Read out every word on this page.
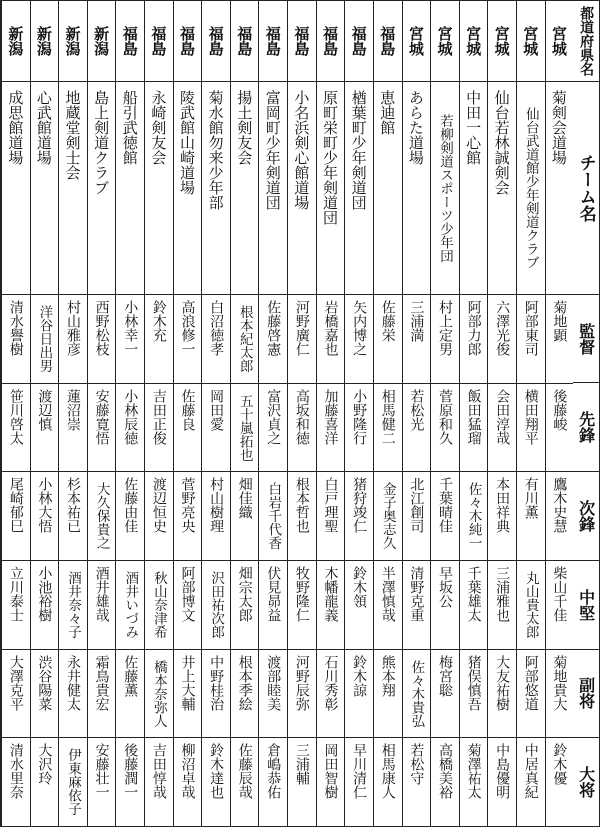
新潟
成思館道場
清水譽樹
笹川啓太
尾崎郁巳
立川泰士
大澤克平
清水里奈
新潟
心武館道場
洋谷日出男
渡辺慎
小林大悟
小池裕樹
渋谷陽菜
大沢玲
新潟
地蔵堂剣士会
村山雅彦
蓮沼崇
杉本祐已
酒井奈々子
永井健太
伊東麻依子
新潟
島上剣道クラブ
西野松枝
安藤寛悟
大久保貴之
酒井雄哉
霜鳥貴宏
安藤壮一
福島
船引武徳館
小林幸一
小林辰徳
佐藤由佳
酒井いづみ
佐藤薫
後藤潤一
福島
永崎剣友会
鈴木充
吉田正俊
渡辺恒史
秋山奈津希
橋本奈弥人
吉田惇哉
福島
陵武館山崎道場
高浪修一
佐藤良
菅野亮央
阿部博文
井上大輔
柳沼卓哉
福島
菊水館勿来少年部
白沼徳孝
岡田愛
村山樹理
沢田祐次郎
中野桂治
鈴木達也
福島
揚土剣友会
根本紀太郎
五十嵐拓也
畑佳織
畑宗太郎
根本季絵
佐藤辰哉
福島
富岡町少年剣道団
佐藤啓憲
富沢貞之
白岩千代香
伏見昴益
渡部睦美
倉嶋恭佑
福島
小名浜剣心館道場
河野廣仁
高坂和徳
根本哲也
牧野隆仁
河野辰弥
三浦輔
福島
原町栄町少年剣道団
岩橋嘉也
加藤喜洋
白戸理聖
木幡龍義
石川秀彰
岡田智樹
福島
楢葉町少年剣道団
矢内博之
小野隆行
猪狩竣仁
鈴木領
鈴木諒
早川清仁
福島
恵迪館
佐藤栄
相馬健二
金子奥志久
半澤慎哉
熊本翔
相馬康人
宮城
あらた道場
三浦満
若松光
北江創司
清野克重
佐々木貴弘
若松守
宮城
若柳剣道スポーツ少年団
村上定男
菅原和久
千葉晴佳
早坂公
梅宮聡
高橋美裕
宮城
中田一心館
阿部力郎
飯田猛瑠
佐々木純一
千葉雄太
猪俣慎吾
菊澤祐太
宮城
仙台若林誠剣会
六澤光俊
会田淳哉
本田祥典
三浦雅也
大友祐樹
中島優明
宮城
仙台武道館少年剣道クラブ
阿部東司
横田翔平
有川薫
丸山貴太郎
阿部悠道
中居真紀
宮城
菊剣会道場
菊地顕
後藤峻
鷹木史慧
柴山千佳
菊地貴大
鈴木優
都道府県名
チーム名
監督
先鋒
次鋒
中堅
副将
大将
